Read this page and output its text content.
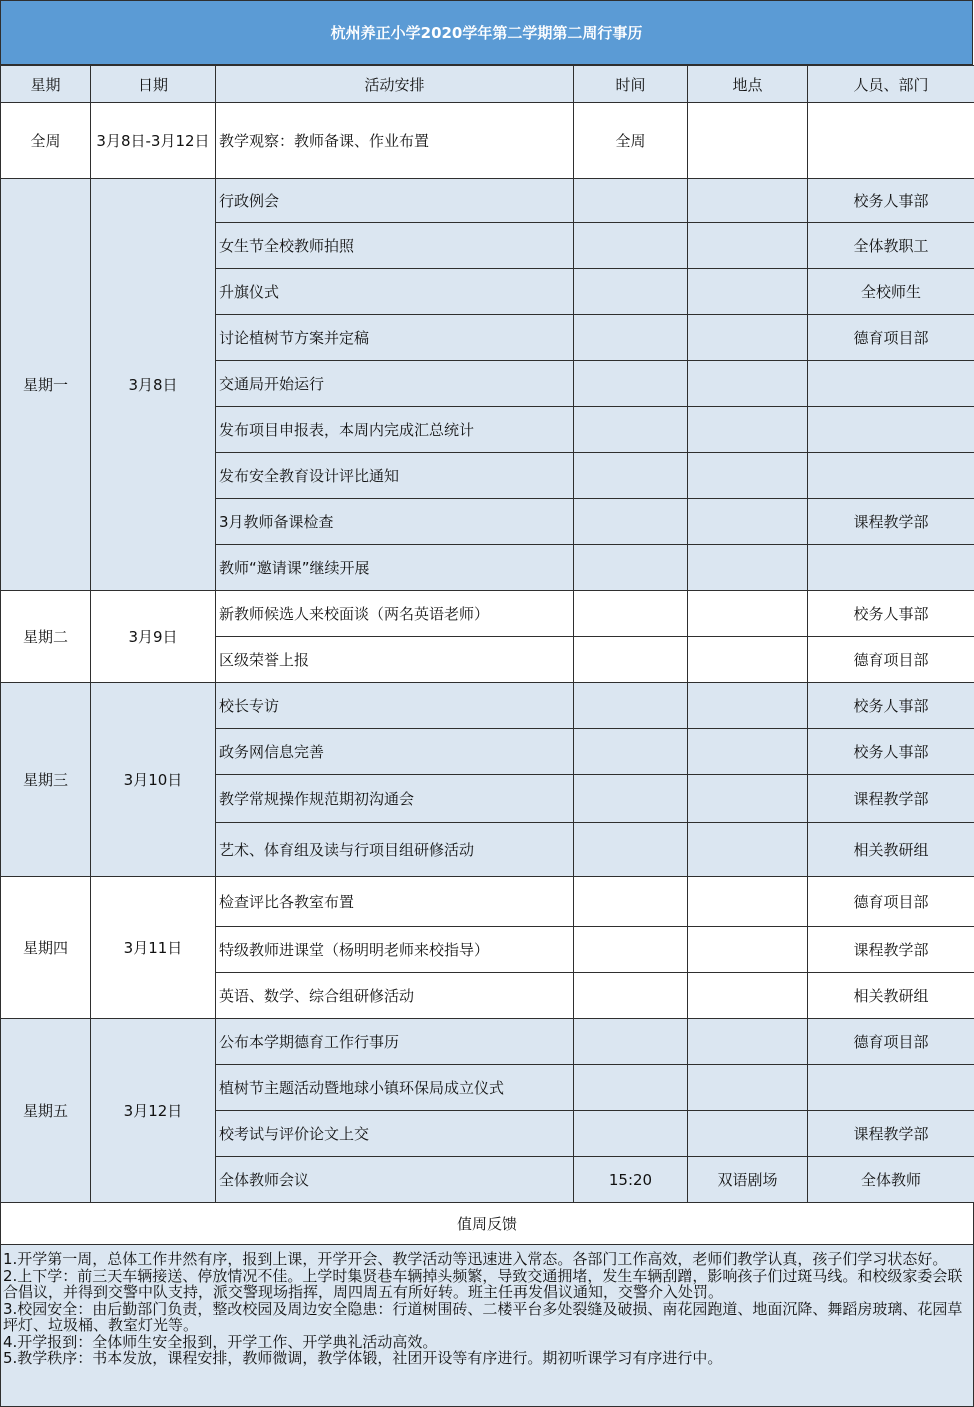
杭州养正小学2020学年第二学期第二周行事历
星期	日期	活动安排	时间	地点	人员、部门
全周	3月8日-3月12日	教学观察：教师备课、作业布置	全周		
星期一	3月8日	行政例会			校务人事部
		女生节全校教师拍照			全体教职工
		升旗仪式			全校师生
		讨论植树节方案并定稿			德育项目部
		交通局开始运行			
		发布项目申报表，本周内完成汇总统计			
		发布安全教育设计评比通知			
		3月教师备课检查			课程教学部
		教师“邀请课”继续开展			
星期二	3月9日	新教师候选人来校面谈（两名英语老师）			校务人事部
		区级荣誉上报			德育项目部
星期三	3月10日	校长专访			校务人事部
		政务网信息完善			校务人事部
		教学常规操作规范期初沟通会			课程教学部
		艺术、体育组及读与行项目组研修活动			相关教研组
星期四	3月11日	检查评比各教室布置			德育项目部
		特级教师进课堂（杨明明老师来校指导）			课程教学部
		英语、数学、综合组研修活动			相关教研组
星期五	3月12日	公布本学期德育工作行事历			德育项目部
		植树节主题活动暨地球小镇环保局成立仪式			
		校考试与评价论文上交			课程教学部
		全体教师会议	15:20	双语剧场	全体教师
值周反馈

1.开学第一周，总体工作井然有序，报到上课，开学开会、教学活动等迅速进入常态。各部门工作高效，老师们教学认真，孩子们学习状态好。

2.上下学：前三天车辆接送、停放情况不佳。上学时集贤巷车辆掉头频繁，导致交通拥堵，发生车辆刮蹭，影响孩子们过斑马线。和校级家委会联合倡议，并得到交警中队支持，派交警现场指挥，周四周五有所好转。班主任再发倡议通知，交警介入处罚。

3.校园安全：由后勤部门负责，整改校园及周边安全隐患：行道树围砖、二楼平台多处裂缝及破损、南花园跑道、地面沉降、舞蹈房玻璃、花园草坪灯、垃圾桶、教室灯光等。

4.开学报到：全体师生安全报到，开学工作、开学典礼活动高效。

5.教学秩序：书本发放，课程安排，教师微调，教学体锻，社团开设等有序进行。期初听课学习有序进行中。
